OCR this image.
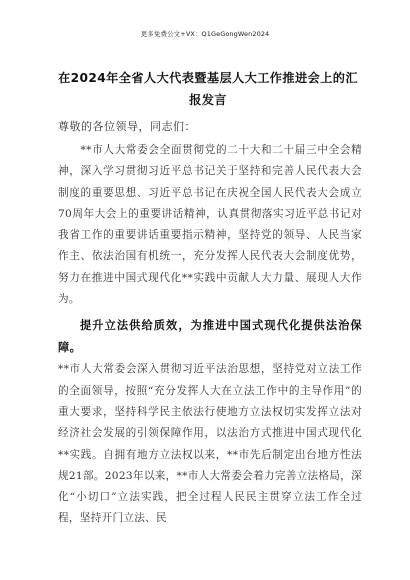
更多免费公文+VX：Q1GeGongWen2024
在2024年全省人大代表暨基层人大工作推进会上的汇报发言
尊敬的各位领导，同志们：

　　**市人大常委会全面贯彻党的二十大和二十届三中全会精神，深入学习贯彻习近平总书记关于坚持和完善人民代表大会制度的重要思想、习近平总书记在庆祝全国人民代表大会成立70周年大会上的重要讲话精神，认真贯彻落实习近平总书记对我省工作的重要讲话重要指示精神，坚持党的领导、人民当家作主、依法治国有机统一，充分发挥人民代表大会制度优势，努力在推进中国式现代化**实践中贡献人大力量、展现人大作为。

提升立法供给质效，为推进中国式现代化提供法治保障。

**市人大常委会深入贯彻习近平法治思想，坚持党对立法工作的全面领导，按照“充分发挥人大在立法工作中的主导作用”的重大要求，坚持科学民主依法行使地方立法权切实发挥立法对经济社会发展的引领保障作用，以法治方式推进中国式现代化**实践。自拥有地方立法权以来，**市先后制定出台地方性法规21部。2023年以来，**市人大常委会着力完善立法格局，深化“小切口”立法实践，把全过程人民民主贯穿立法工作全过程，坚持开门立法、民
